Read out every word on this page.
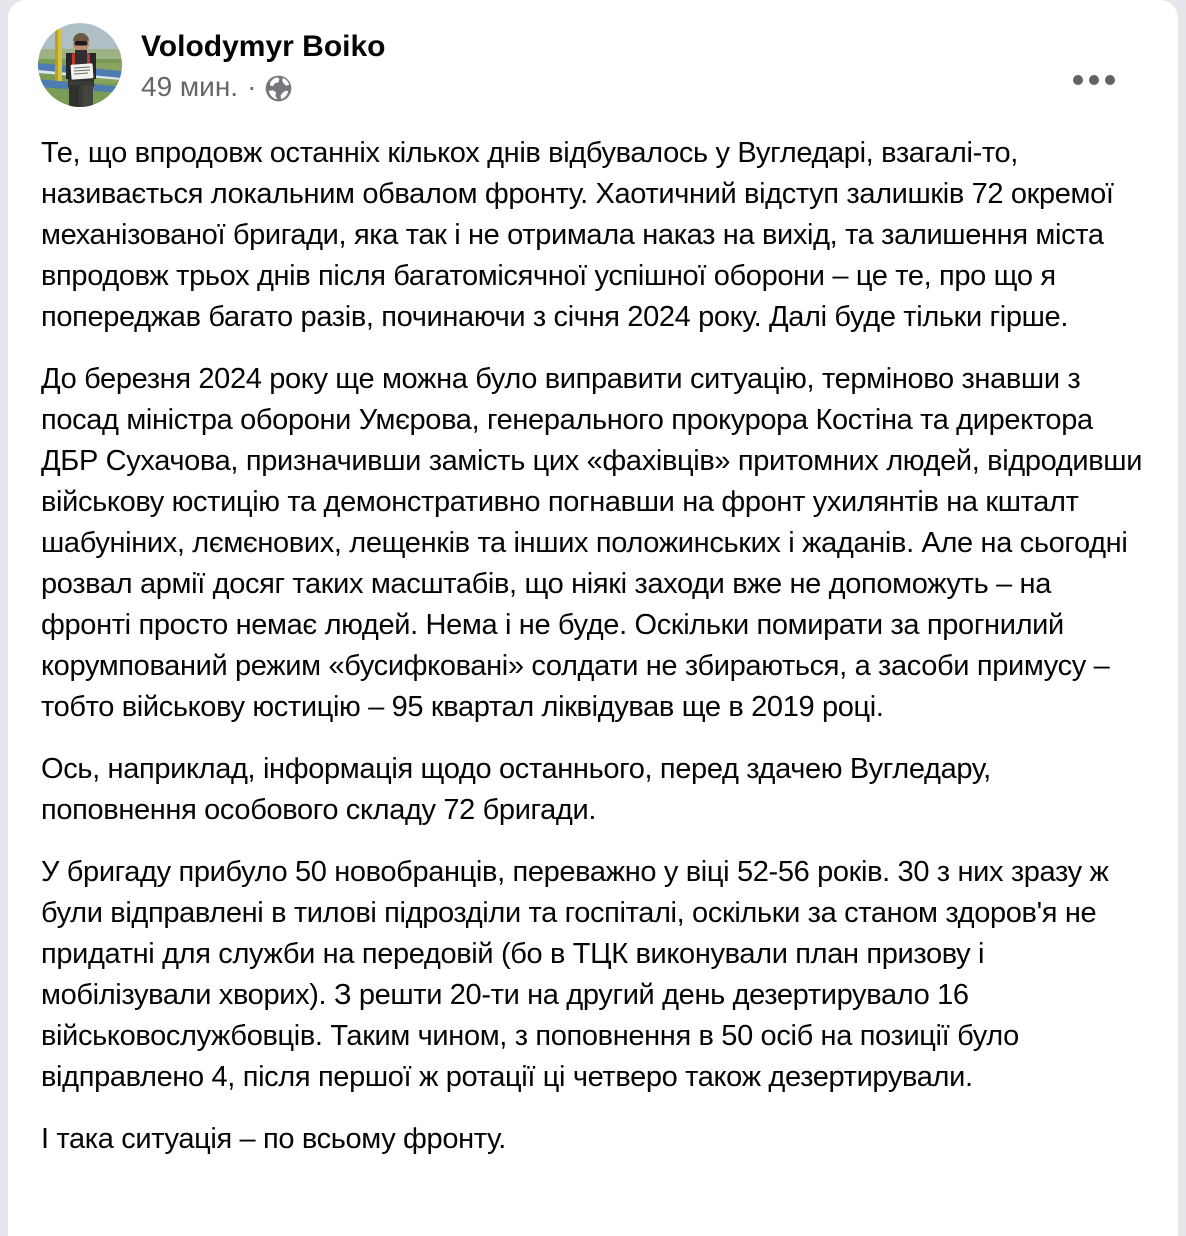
Volodymyr Boiko
49 мин. ·

Те, що впродовж останніх кількох днів відбувалось у Вугледарі, взагалі-то, називається локальним обвалом фронту. Хаотичний відступ залишків 72 окремої механізованої бригади, яка так і не отримала наказ на вихід, та залишення міста впродовж трьох днів після багатомісячної успішної оборони – це те, про що я попереджав багато разів, починаючи з січня 2024 року. Далі буде тільки гірше.

До березня 2024 року ще можна було виправити ситуацію, терміново знавши з посад міністра оборони Умєрова, генерального прокурора Костіна та директора ДБР Сухачова, призначивши замість цих «фахівців» притомних людей, відродивши військову юстицію та демонстративно погнавши на фронт ухилянтів на кшталт шабуніних, лємєнових, лещенків та інших положинських і жаданів. Але на сьогодні розвал армії досяг таких масштабів, що ніякі заходи вже не допоможуть – на фронті просто немає людей. Нема і не буде. Оскільки помирати за прогнилий корумпований режим «бусифковані» солдати не збираються, а засоби примусу – тобто військову юстицію – 95 квартал ліквідував ще в 2019 році.

Ось, наприклад, інформація щодо останнього, перед здачею Вугледару, поповнення особового складу 72 бригади.

У бригаду прибуло 50 новобранців, переважно у віці 52-56 років. 30 з них зразу ж були відправлені в тилові підрозділи та госпіталі, оскільки за станом здоров'я не придатні для служби на передовій (бо в ТЦК виконували план призову і мобілізували хворих). З решти 20-ти на другий день дезертирувало 16 військовослужбовців. Таким чином, з поповнення в 50 осіб на позиції було відправлено 4, після першої ж ротації ці четверо також дезертирували.

І така ситуація – по всьому фронту.
